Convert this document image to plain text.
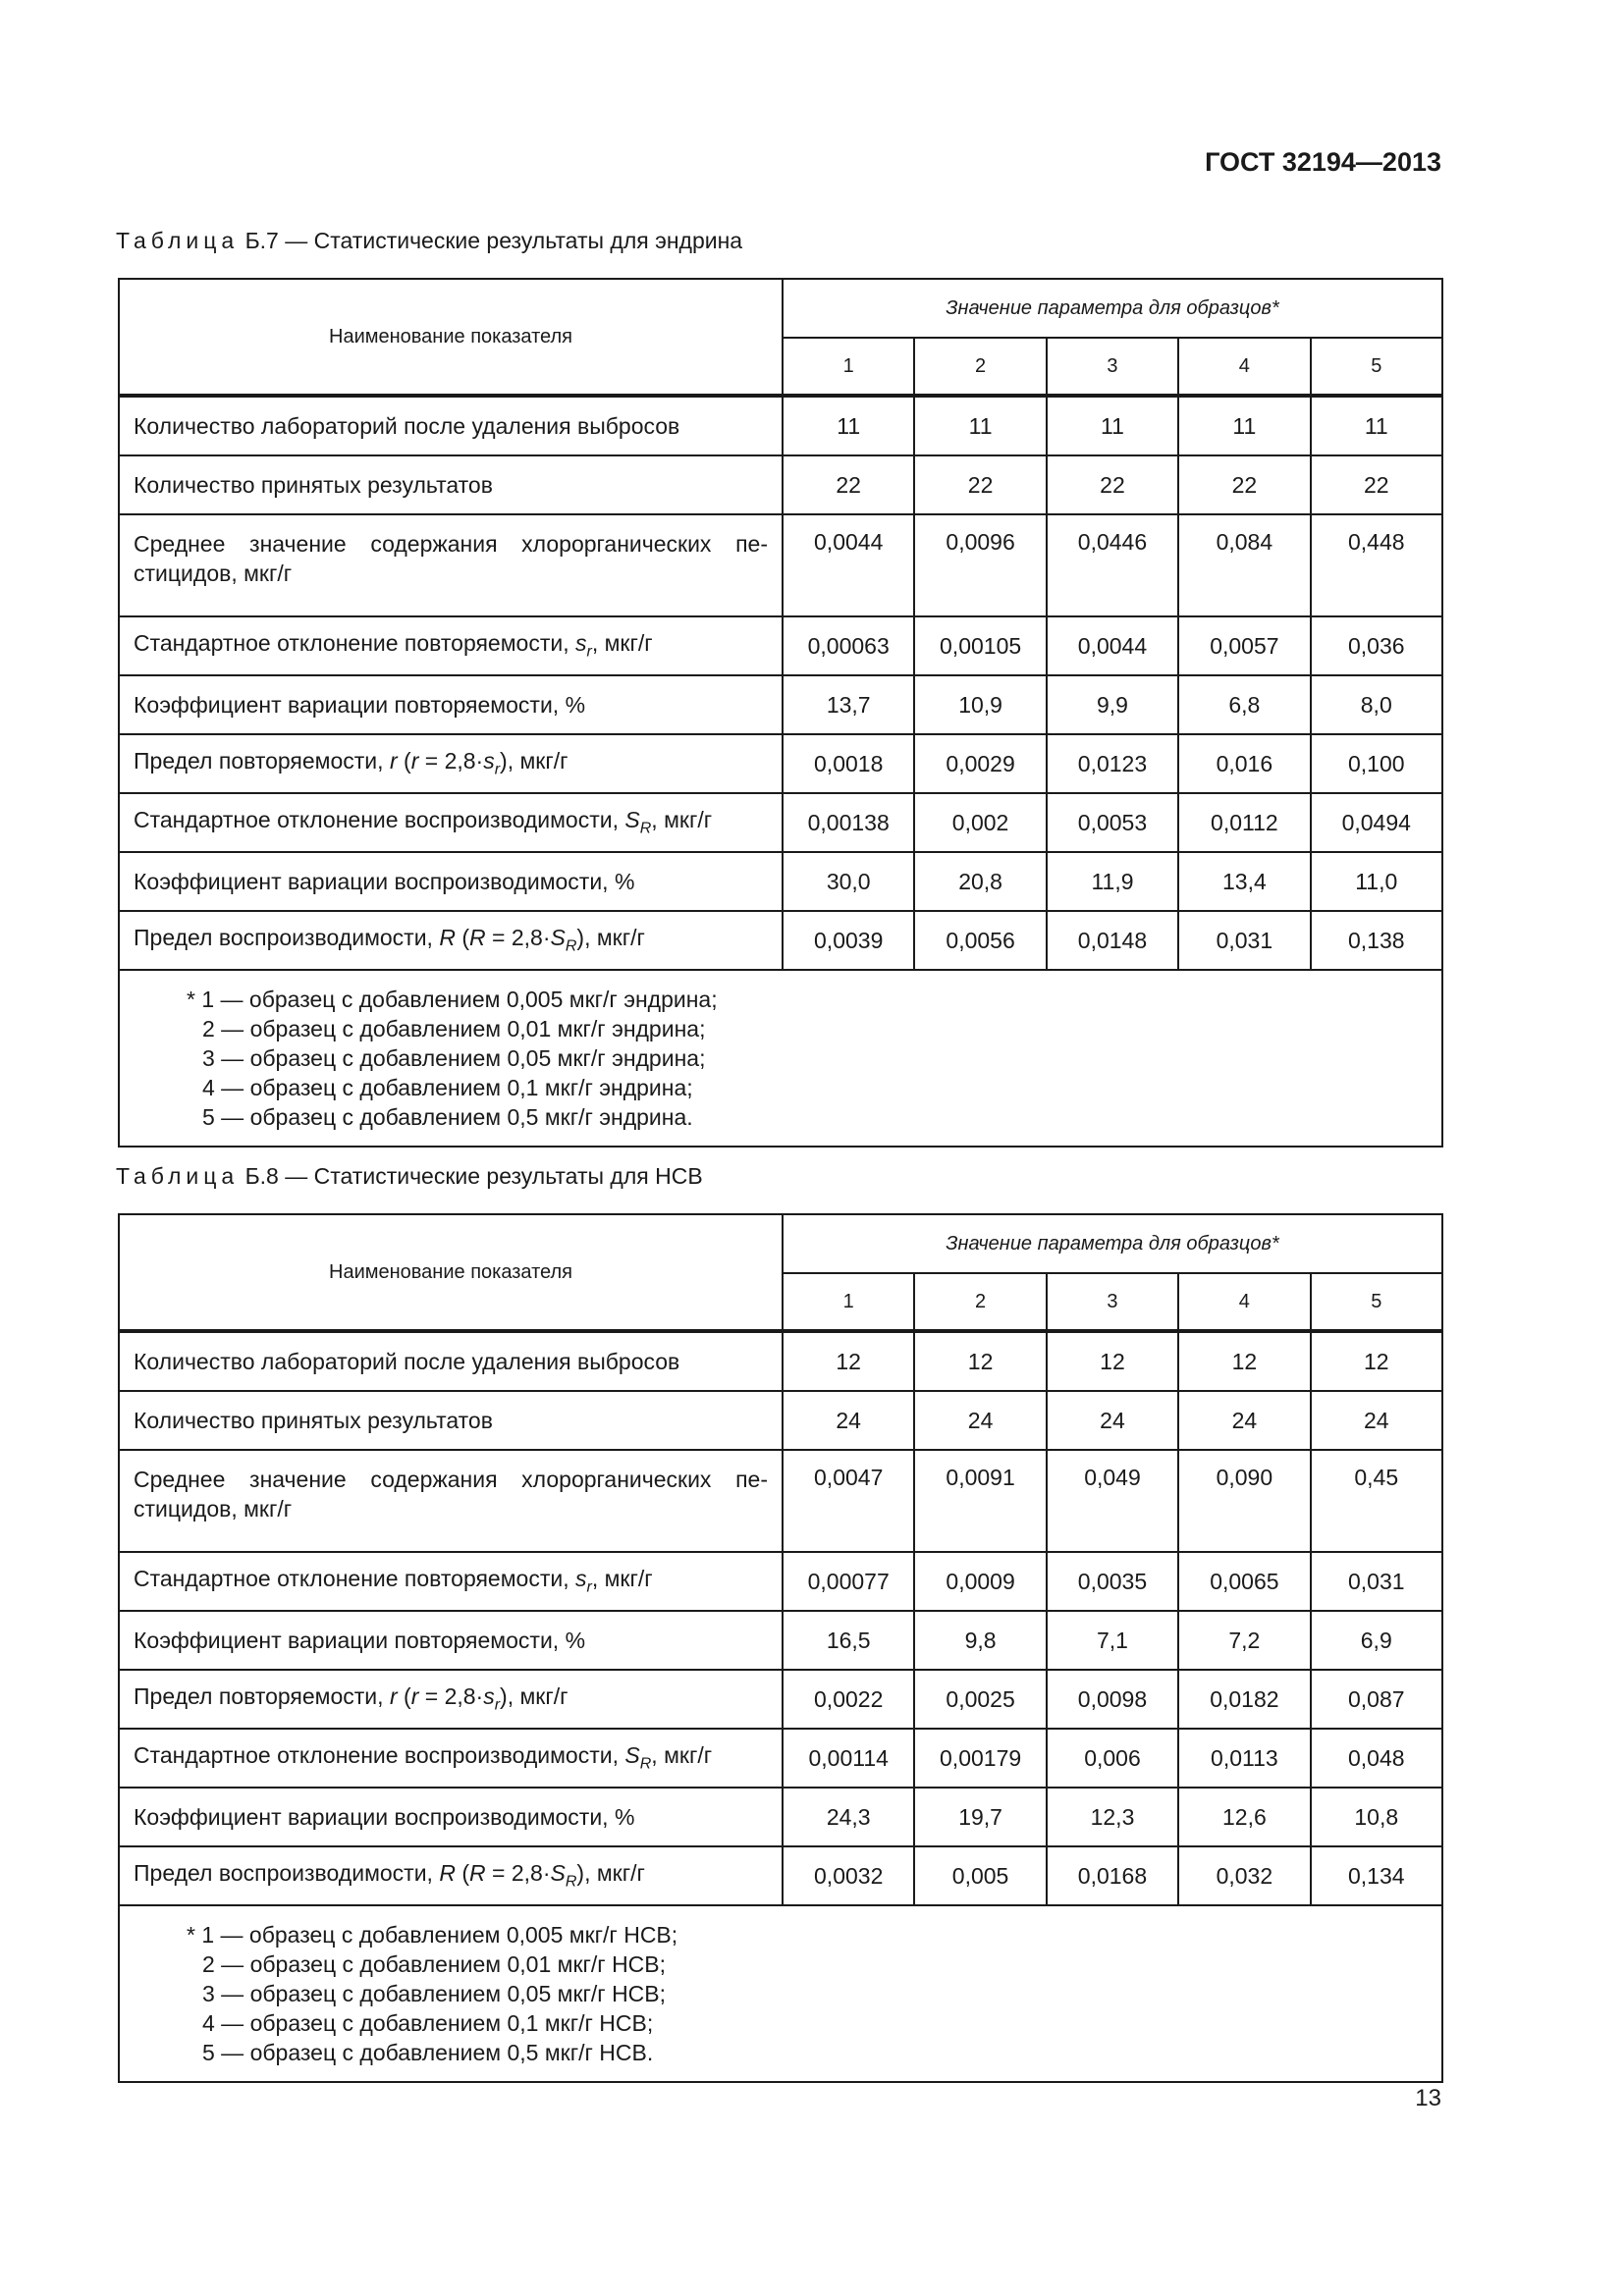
ГОСТ 32194—2013
Таблица Б.7 — Статистические результаты для эндрина
Наименование показателя	Значение параметра для образцов*				
	1	2	3	4	5
Количество лабораторий после удаления выбросов	11	11	11	11	11
Количество принятых результатов	22	22	22	22	22
Среднее значение содержания хлорорганических пестицидов, мкг/г	0,0044	0,0096	0,0446	0,084	0,448
Стандартное отклонение повторяемости, $s_r$, мкг/г	0,00063	0,00105	0,0044	0,0057	0,036
Коэффициент вариации повторяемости, %	13,7	10,9	9,9	6,8	8,0
Предел повторяемости, r $(r = 2,8\cdot s_r)$, мкг/г	0,0018	0,0029	0,0123	0,016	0,100
Стандартное отклонение воспроизводимости, $S_R$, мкг/г	0,00138	0,002	0,0053	0,0112	0,0494
Коэффициент вариации воспроизводимости, %	30,0	20,8	11,9	13,4	11,0
Предел воспроизводимости, R $(R = 2,8\cdot S_R)$, мкг/г	0,0039	0,0056	0,0148	0,031	0,138

* 1 — образец с добавлением 0,005 мкг/г эндрина;
2 — образец с добавлением 0,01 мкг/г эндрина;
3 — образец с добавлением 0,05 мкг/г эндрина;
4 — образец с добавлением 0,1 мкг/г эндрина;
5 — образец с добавлением 0,5 мкг/г эндрина.					
Таблица Б.8 — Статистические результаты для НСВ
Наименование показателя	Значение параметра для образцов*				
	1	2	3	4	5
Количество лабораторий после удаления выбросов	12	12	12	12	12
Количество принятых результатов	24	24	24	24	24
Среднее значение содержания хлорорганических пестицидов, мкг/г	0,0047	0,0091	0,049	0,090	0,45
Стандартное отклонение повторяемости, $s_r$, мкг/г	0,00077	0,0009	0,0035	0,0065	0,031
Коэффициент вариации повторяемости, %	16,5	9,8	7,1	7,2	6,9
Предел повторяемости, r $(r = 2,8\cdot s_r)$, мкг/г	0,0022	0,0025	0,0098	0,0182	0,087
Стандартное отклонение воспроизводимости, $S_R$, мкг/г	0,00114	0,00179	0,006	0,0113	0,048
Коэффициент вариации воспроизводимости, %	24,3	19,7	12,3	12,6	10,8
Предел воспроизводимости, R $(R = 2,8\cdot S_R)$, мкг/г	0,0032	0,005	0,0168	0,032	0,134

* 1 — образец с добавлением 0,005 мкг/г НСВ;
2 — образец с добавлением 0,01 мкг/г НСВ;
3 — образец с добавлением 0,05 мкг/г НСВ;
4 — образец с добавлением 0,1 мкг/г НСВ;
5 — образец с добавлением 0,5 мкг/г НСВ.					
13
